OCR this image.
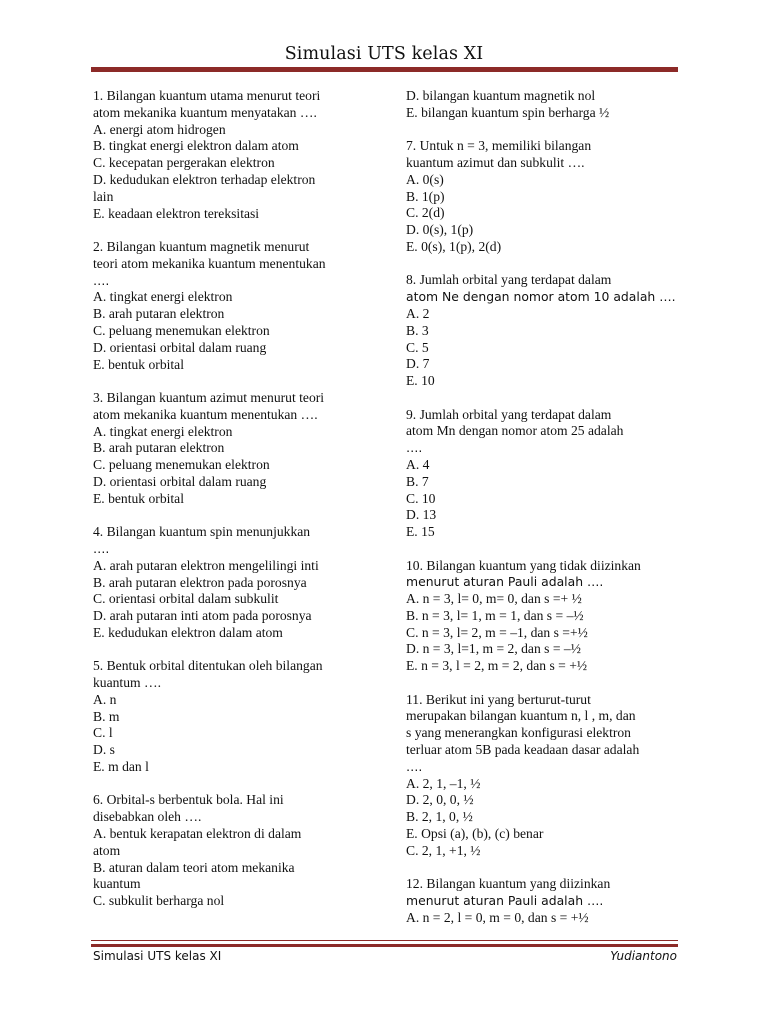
Simulasi UTS kelas XI

1. Bilangan kuantum utama menurut teori

atom mekanika kuantum menyatakan ….

A. energi atom hidrogen

B. tingkat energi elektron dalam atom

C. kecepatan pergerakan elektron

D. kedudukan elektron terhadap elektron

lain

E. keadaan elektron tereksitasi

2. Bilangan kuantum magnetik menurut

teori atom mekanika kuantum menentukan

….

A. tingkat energi elektron

B. arah putaran elektron

C. peluang menemukan elektron

D. orientasi orbital dalam ruang

E. bentuk orbital

3. Bilangan kuantum azimut menurut teori

atom mekanika kuantum menentukan ….

A. tingkat energi elektron

B. arah putaran elektron

C. peluang menemukan elektron

D. orientasi orbital dalam ruang

E. bentuk orbital

4. Bilangan kuantum spin menunjukkan

….

A. arah putaran elektron mengelilingi inti

B. arah putaran elektron pada porosnya

C. orientasi orbital dalam subkulit

D. arah putaran inti atom pada porosnya

E. kedudukan elektron dalam atom

5. Bentuk orbital ditentukan oleh bilangan

kuantum ….

A. n

B. m

C. l

D. s

E. m dan l

6. Orbital-s berbentuk bola. Hal ini

disebabkan oleh ….

A. bentuk kerapatan elektron di dalam

atom

B. aturan dalam teori atom mekanika

kuantum

C. subkulit berharga nol

D. bilangan kuantum magnetik nol

E. bilangan kuantum spin berharga ½

7. Untuk n = 3, memiliki bilangan

kuantum azimut dan subkulit ….

A. 0(s)

B. 1(p)

C. 2(d)

D. 0(s), 1(p)

E. 0(s), 1(p), 2(d)

8. Jumlah orbital yang terdapat dalam

atom Ne dengan nomor atom 10 adalah ….

A. 2

B. 3

C. 5

D. 7

E. 10

9. Jumlah orbital yang terdapat dalam

atom Mn dengan nomor atom 25 adalah

….

A. 4

B. 7

C. 10

D. 13

E. 15

10. Bilangan kuantum yang tidak diizinkan

menurut aturan Pauli adalah ….

A. n = 3, l= 0, m= 0, dan s =+ ½

B. n = 3, l= 1, m = 1, dan s = –½

C. n = 3, l= 2, m = –1, dan s =+½

D. n = 3, l=1, m = 2, dan s = –½

E. n = 3, l = 2, m = 2, dan s = +½

11. Berikut ini yang berturut-turut

merupakan bilangan kuantum n, l , m, dan

s yang menerangkan konfigurasi elektron

terluar atom 5B pada keadaan dasar adalah

….

A. 2, 1, –1, ½

D. 2, 0, 0, ½

B. 2, 1, 0, ½

E. Opsi (a), (b), (c) benar

C. 2, 1, +1, ½

12. Bilangan kuantum yang diizinkan

menurut aturan Pauli adalah ….

A. n = 2, l = 0, m = 0, dan s = +½

Simulasi UTS kelas XI	Yudiantono
